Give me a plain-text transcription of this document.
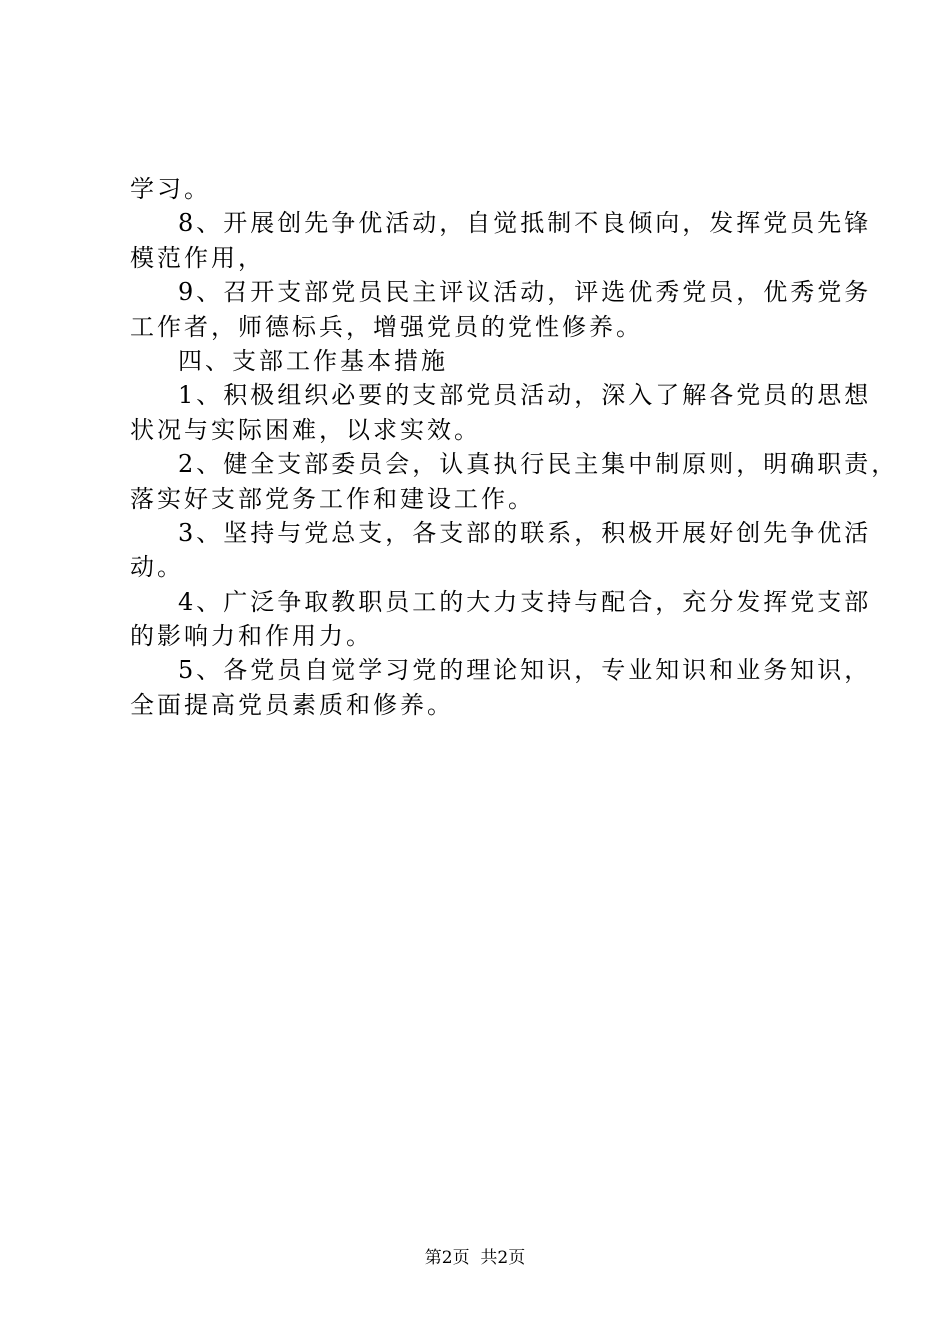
学习。
8、开展创先争优活动，自觉抵制不良倾向，发挥党员先锋
模范作用，
9、召开支部党员民主评议活动，评选优秀党员，优秀党务
工作者，师德标兵，增强党员的党性修养。
四、支部工作基本措施
1、积极组织必要的支部党员活动，深入了解各党员的思想
状况与实际困难，以求实效。
2、健全支部委员会，认真执行民主集中制原则，明确职责，
落实好支部党务工作和建设工作。
3、坚持与党总支，各支部的联系，积极开展好创先争优活
动。
4、广泛争取教职员工的大力支持与配合，充分发挥党支部
的影响力和作用力。
5、各党员自觉学习党的理论知识，专业知识和业务知识，
全面提高党员素质和修养。
第2页  共2页
